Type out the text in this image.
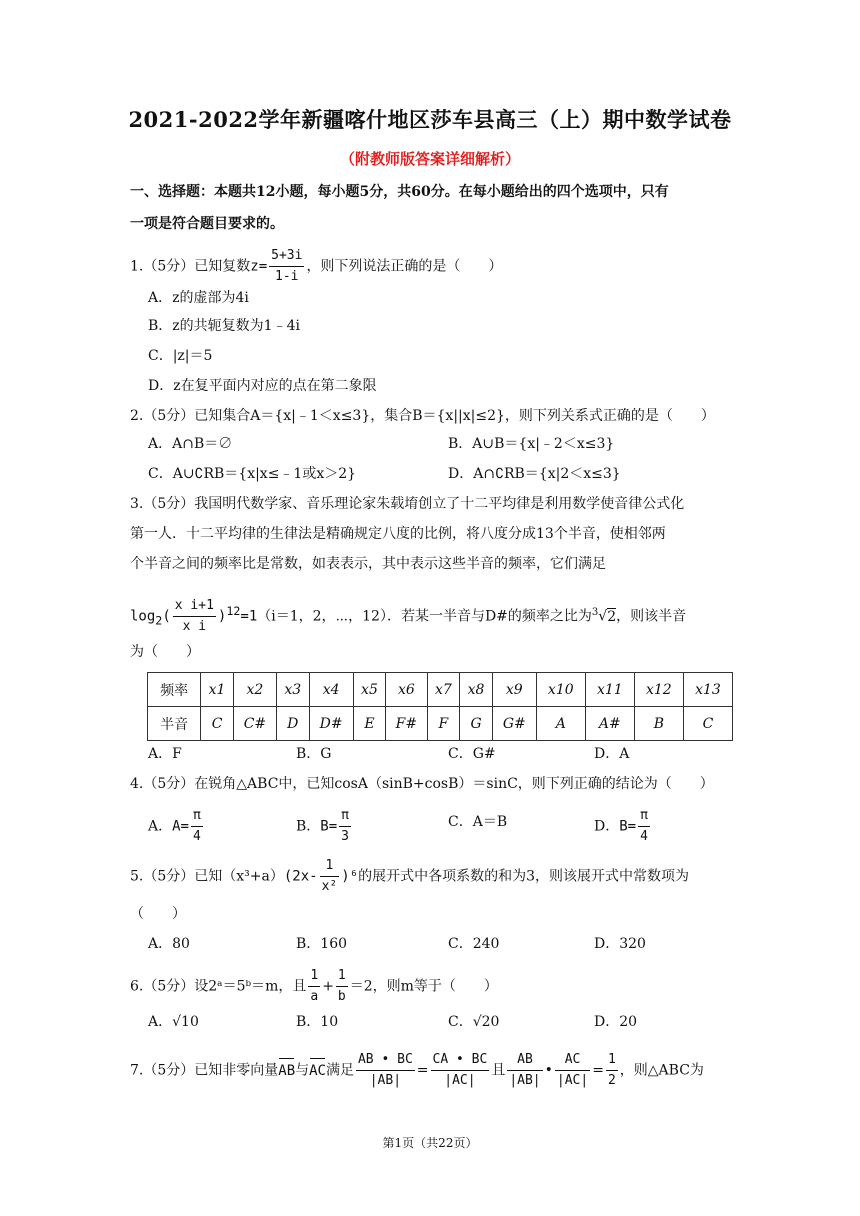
2021-2022学年新疆喀什地区莎车县高三（上）期中数学试卷
（附教师版答案详细解析）
一、选择题：本题共12小题，每小题5分，共60分。在每小题给出的四个选项中，只有
一项是符合题目要求的。
1.（5分）已知复数$z= \frac{5+3i}{1-i}$ ，则下列说法正确的是（　　）
A．z的虚部为4i
B．z的共轭复数为1﹣4i
C．|z|＝5
D．z在复平面内对应的点在第二象限
2.（5分）已知集合A＝{x|﹣1＜x≤3}，集合B＝{x||x|≤2}，则下列关系式正确的是（　　）
A．A∩B＝∅	B．A∪B＝{x|﹣2＜x≤3}
C．A∪∁RB＝{x|x≤﹣1或x＞2}	D．A∩∁RB＝{x|2＜x≤3}
3.（5分）我国明代数学家、音乐理论家朱载堉创立了十二平均律是利用数学使音律公式化
第一人．十二平均律的生律法是精确规定八度的比例，将八度分成13个半音，使相邻两
个半音之间的频率比是常数，如表表示，其中表示这些半音的频率，它们满足
$\log_2( \frac{\text{x i+1}}{\text{x i}} )^{12}=1(i=1$，2，⋯，12）．若某一半音与D#的频率之比为$^3$√2，则该半音
为（　　）
频率	x1	x2	x3	x4	x5	x6	x7	x8	x9	x10	x11	x12	x13
半音	C	C#	D	D#	E	F#	F	G	G#	A	A#	B	C
A．F	B．G	C．G#	D．A
4.（5分）在锐角△ABC中，已知cosA（sinB+cosB）＝sinC，则下列正确的结论为（　　）
A．$A= \frac{\pi}{4}$	B．$B= \frac{\pi}{3}$	C．A＝B	D．$B= \frac{\pi}{4}$
5.（5分）已知$(x^3+a)(2x- \frac{1}{\text{x²}} )^6$的展开式中各项系数的和为3，则该展开式中常数项为
（　　）
A．80	B．160	C．240	D．320
6.（5分）设2ᵃ＝5ᵇ＝m，且 $\frac{1}{a} + \frac{1}{b} =2$，则m等于（　　）
A．√10	B．10	C．√20	D．20
7.（5分）已知非零向量AB与AC满足 $\frac{AB • BC}{|AB|} = \frac{CA • BC}{|AC|}$ 且 $\frac{AB}{|AB|}$ • $\frac{AC}{|AC|} = \frac{1}{2}$ ，则△ABC为
第1页（共22页）
